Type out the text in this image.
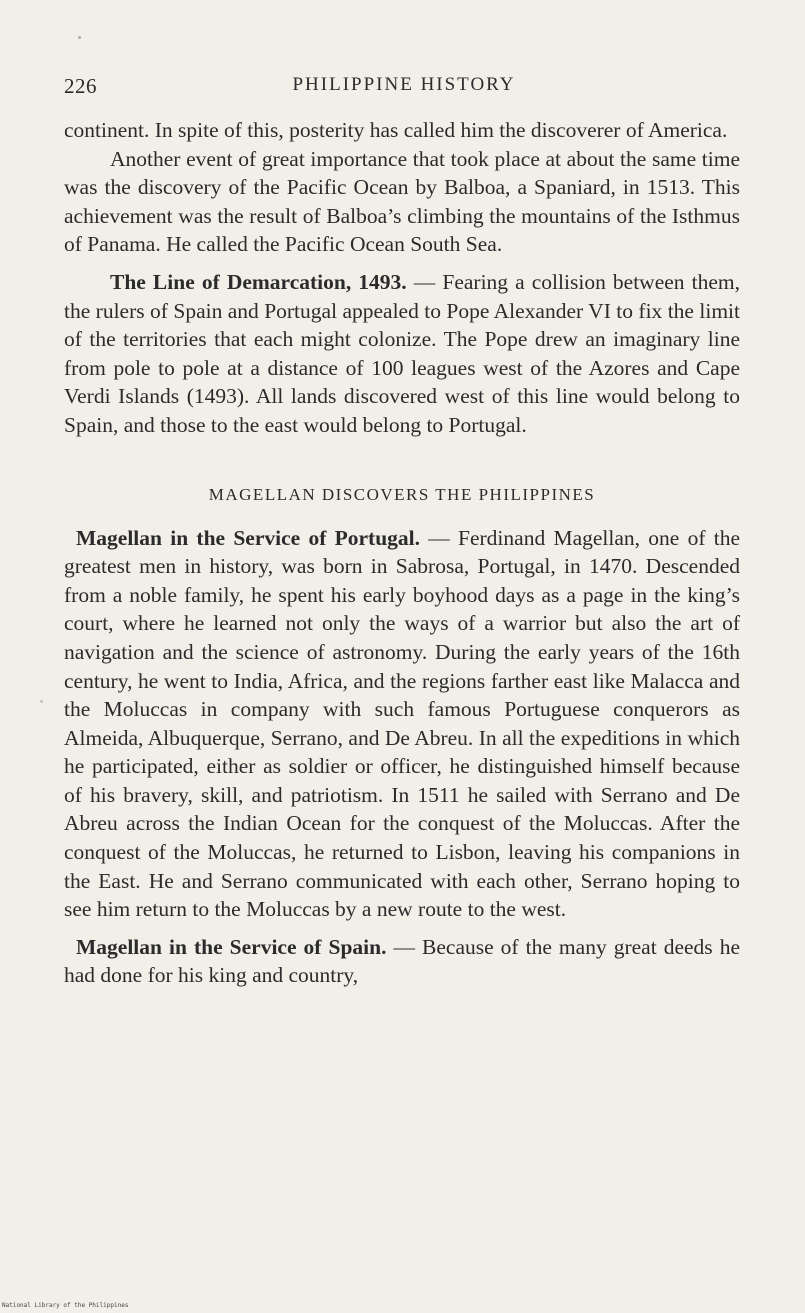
226	PHILIPPINE HISTORY

continent. In spite of this, posterity has called him the discoverer of America.

Another event of great importance that took place at about the same time was the discovery of the Pacific Ocean by Balboa, a Spaniard, in 1513. This achievement was the result of Balboa’s climbing the mountains of the Isthmus of Panama. He called the Pacific Ocean South Sea.

The Line of Demarcation, 1493. — Fearing a collision between them, the rulers of Spain and Portugal appealed to Pope Alexander VI to fix the limit of the territories that each might colonize. The Pope drew an imaginary line from pole to pole at a distance of 100 leagues west of the Azores and Cape Verdi Islands (1493). All lands discovered west of this line would belong to Spain, and those to the east would belong to Portugal.

MAGELLAN DISCOVERS THE PHILIPPINES

Magellan in the Service of Portugal. — Ferdinand Magellan, one of the greatest men in history, was born in Sabrosa, Portugal, in 1470. Descended from a noble family, he spent his early boyhood days as a page in the king’s court, where he learned not only the ways of a warrior but also the art of navigation and the science of astronomy. During the early years of the 16th century, he went to India, Africa, and the regions farther east like Malacca and the Moluccas in company with such famous Portuguese conquerors as Almeida, Albuquerque, Serrano, and De Abreu. In all the expeditions in which he participated, either as soldier or officer, he distinguished himself because of his bravery, skill, and patriotism. In 1511 he sailed with Serrano and De Abreu across the Indian Ocean for the conquest of the Moluccas. After the conquest of the Moluccas, he returned to Lisbon, leaving his companions in the East. He and Serrano communicated with each other, Serrano hoping to see him return to the Moluccas by a new route to the west.

Magellan in the Service of Spain. — Because of the many great deeds he had done for his king and country,

National Library of the Philippines
